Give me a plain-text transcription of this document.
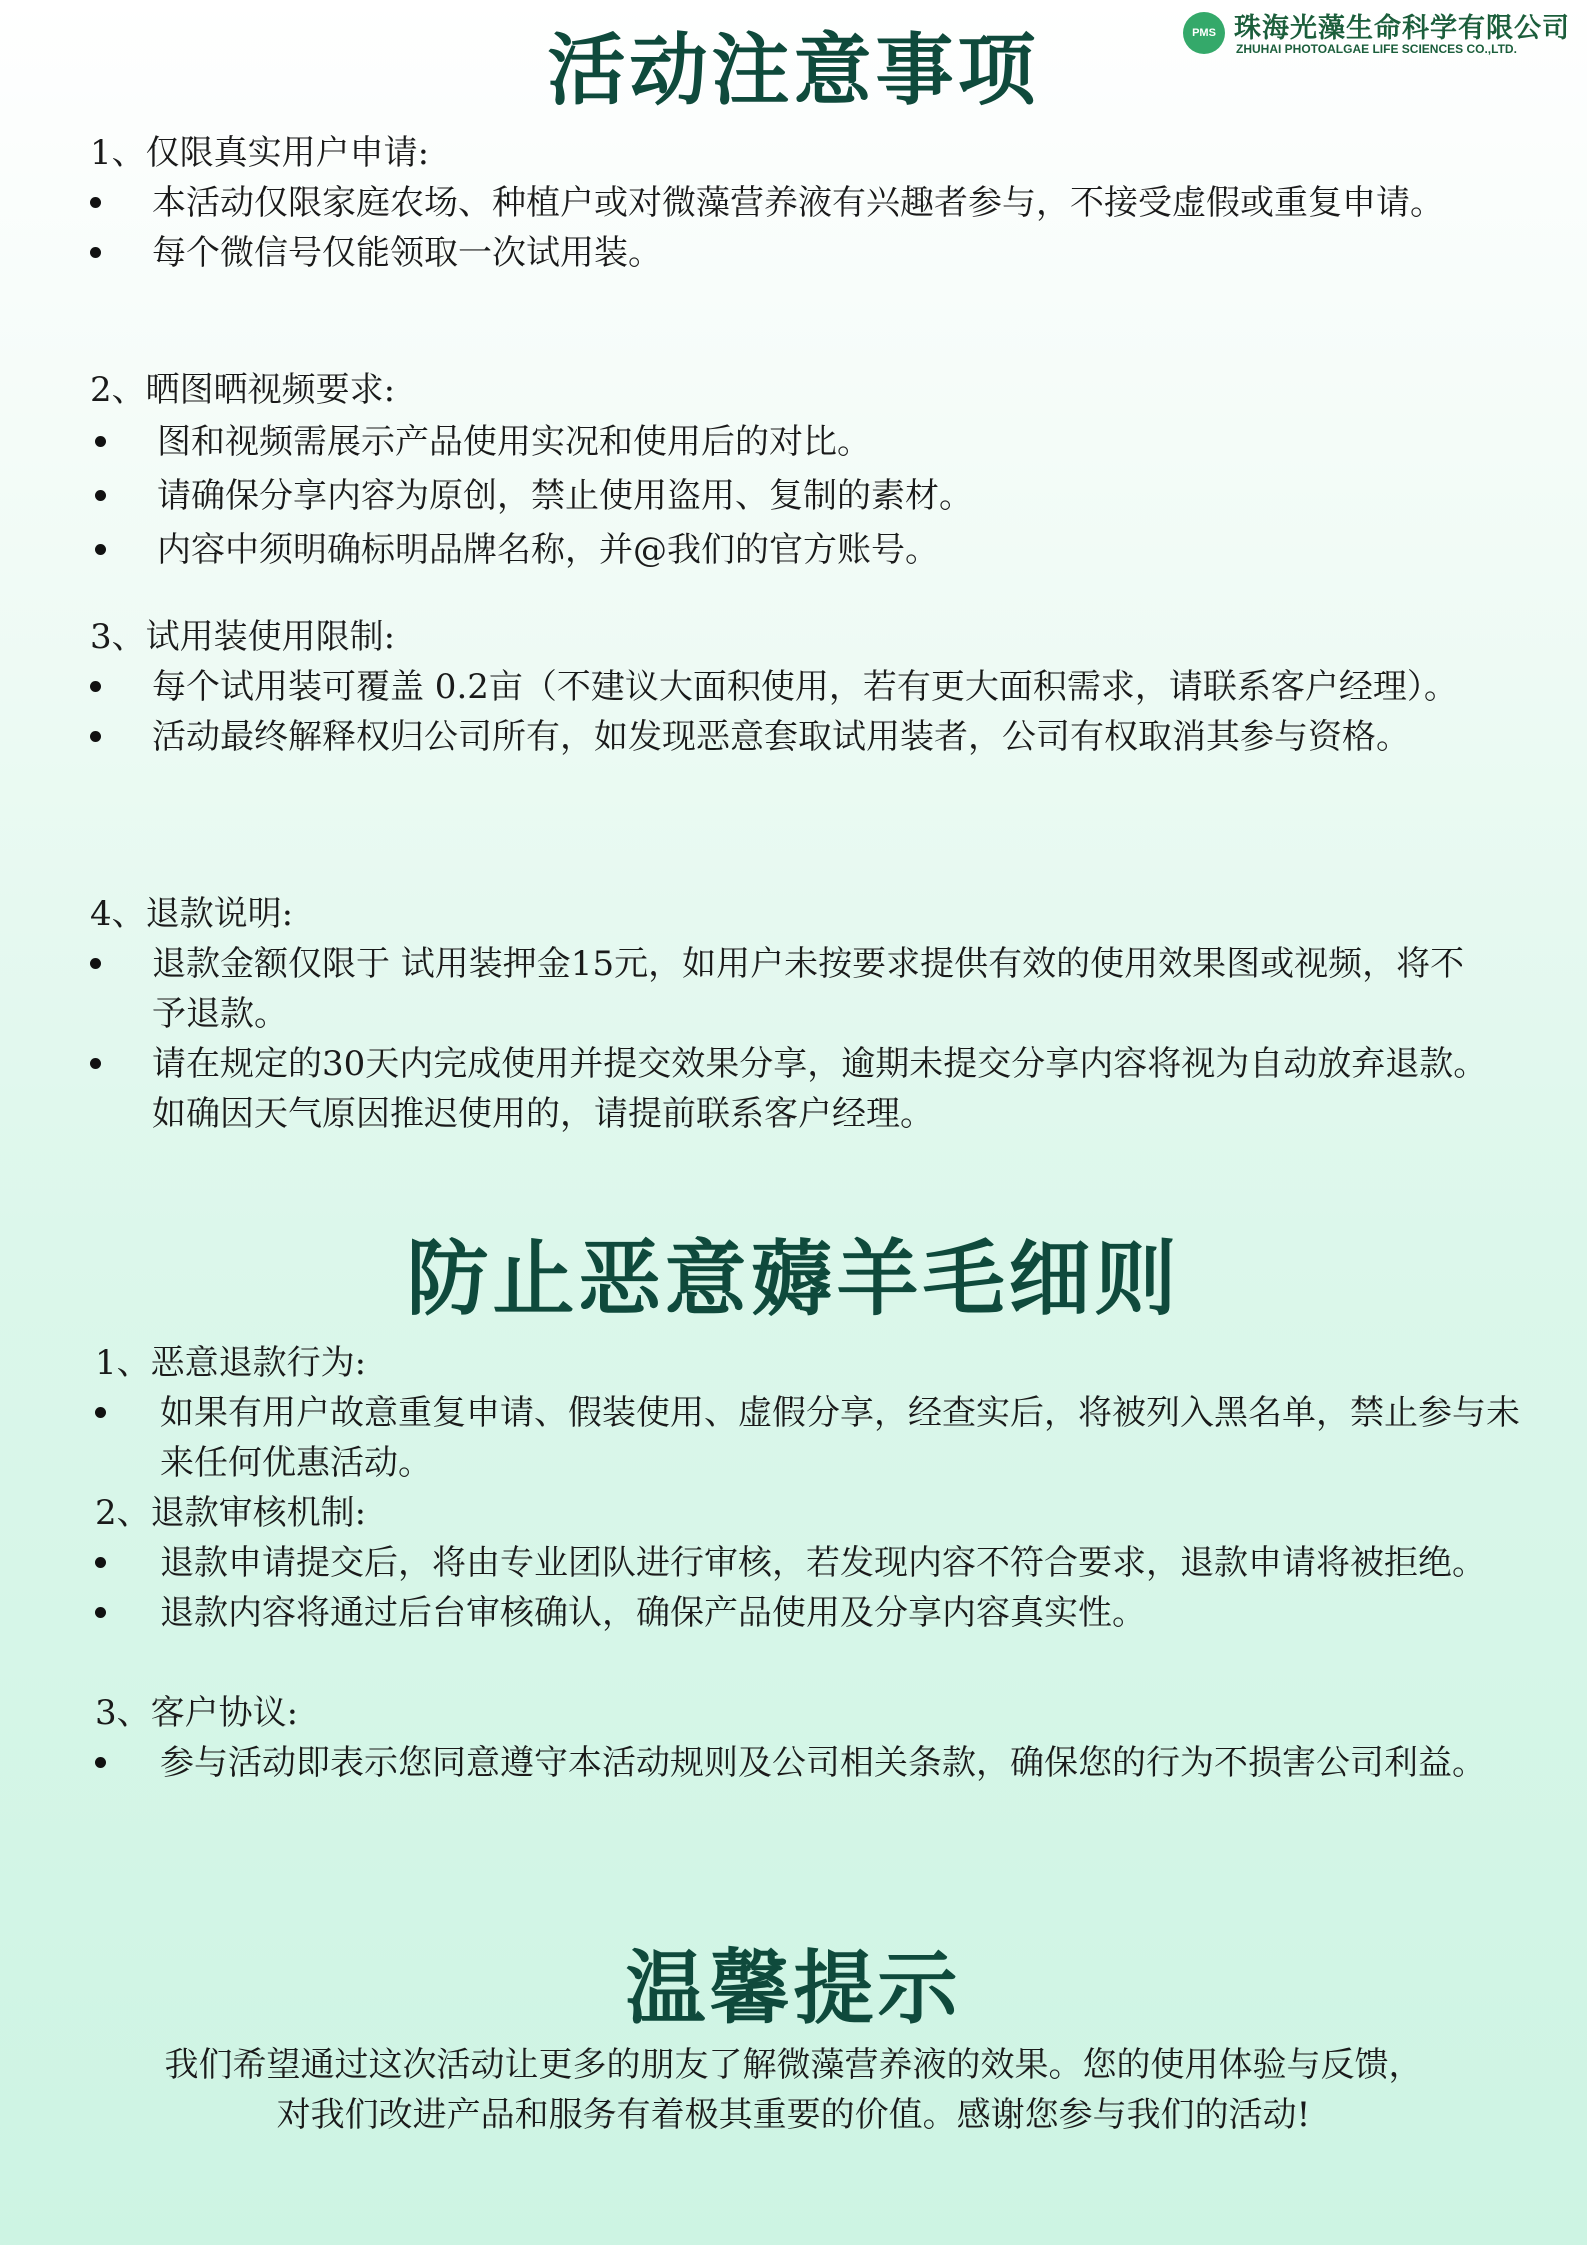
PMS 珠海光藻生命科学有限公司
ZHUHAI PHOTOALGAE LIFE SCIENCES CO.,LTD.
活动注意事项
1、仅限真实用户申请:
本活动仅限家庭农场、种植户或对微藻营养液有兴趣者参与，不接受虚假或重复申请。
每个微信号仅能领取一次试用装。
2、晒图晒视频要求:
图和视频需展示产品使用实况和使用后的对比。
请确保分享内容为原创，禁止使用盗用、复制的素材。
内容中须明确标明品牌名称，并@我们的官方账号。
3、试用装使用限制:
每个试用装可覆盖 0.2亩（不建议大面积使用，若有更大面积需求，请联系客户经理）。
活动最终解释权归公司所有，如发现恶意套取试用装者，公司有权取消其参与资格。
4、退款说明:
退款金额仅限于 试用装押金15元，如用户未按要求提供有效的使用效果图或视频，将不予退款。
请在规定的30天内完成使用并提交效果分享，逾期未提交分享内容将视为自动放弃退款。如确因天气原因推迟使用的，请提前联系客户经理。
防止恶意薅羊毛细则
1、恶意退款行为:
如果有用户故意重复申请、假装使用、虚假分享，经查实后，将被列入黑名单，禁止参与未来任何优惠活动。
2、退款审核机制:
退款申请提交后，将由专业团队进行审核，若发现内容不符合要求，退款申请将被拒绝。
退款内容将通过后台审核确认，确保产品使用及分享内容真实性。
3、客户协议:
参与活动即表示您同意遵守本活动规则及公司相关条款，确保您的行为不损害公司利益。
温馨提示
我们希望通过这次活动让更多的朋友了解微藻营养液的效果。您的使用体验与反馈，
对我们改进产品和服务有着极其重要的价值。感谢您参与我们的活动!
